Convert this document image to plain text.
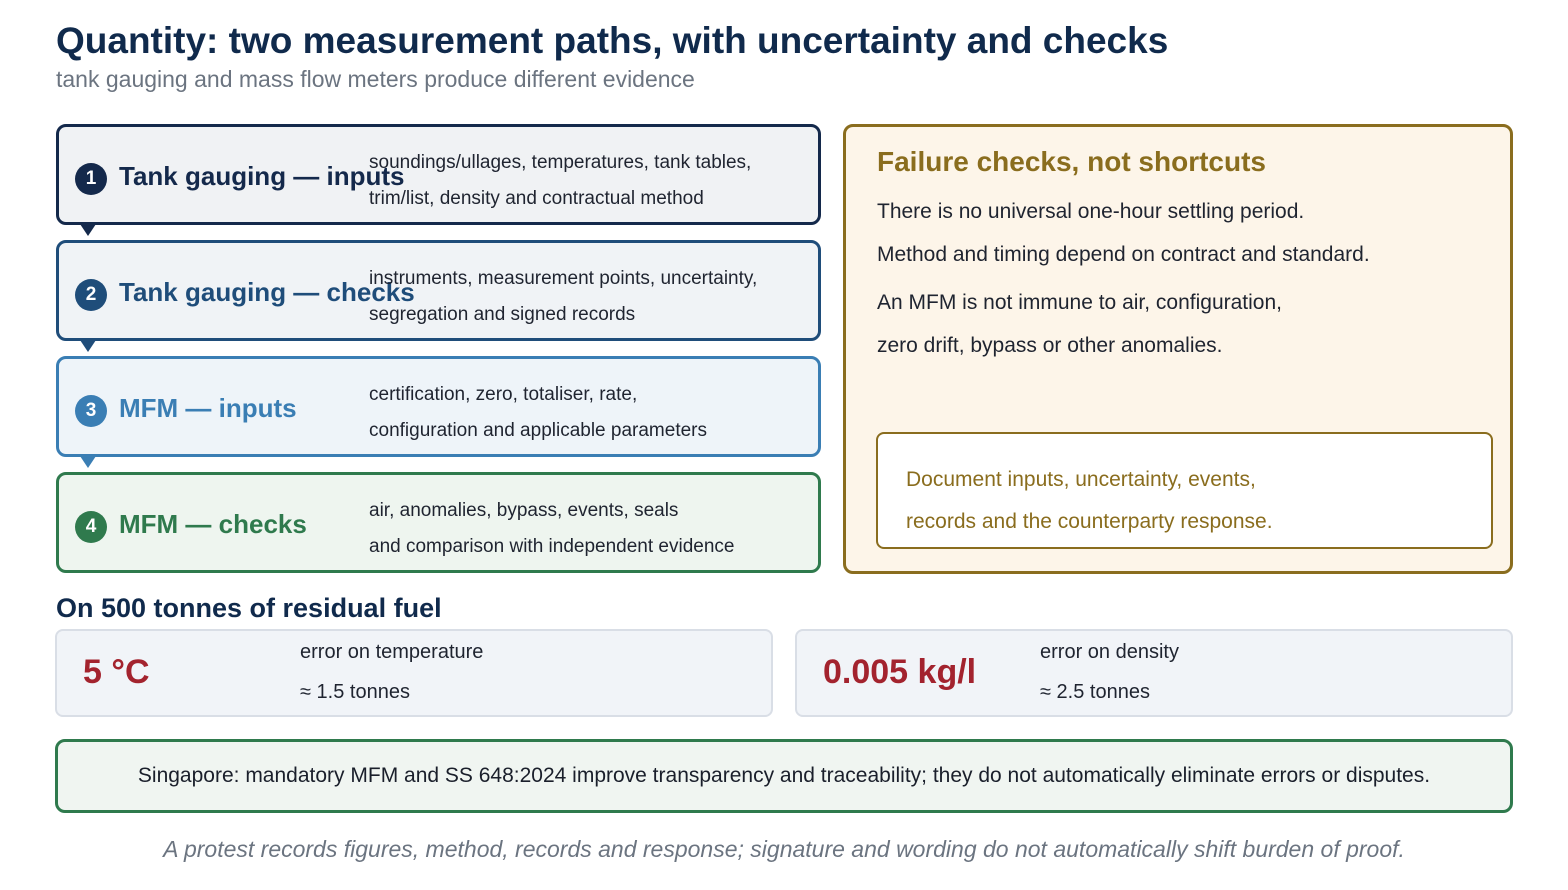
Quantity: two measurement paths, with uncertainty and checks
tank gauging and mass flow meters produce different evidence
1 Tank gauging — inputs
soundings/ullages, temperatures, tank tables,
trim/list, density and contractual method
2 Tank gauging — checks
instruments, measurement points, uncertainty,
segregation and signed records
3 MFM — inputs	certification, zero, totaliser, rate,
configuration and applicable parameters
4 MFM — checks	air, anomalies, bypass, events, seals
and comparison with independent evidence
Failure checks, not shortcuts
There is no universal one-hour settling period.
Method and timing depend on contract and standard.
An MFM is not immune to air, configuration,
zero drift, bypass or other anomalies.
Document inputs, uncertainty, events,
records and the counterparty response.
On 500 tonnes of residual fuel
5 °C
error on temperature
≈ 1.5 tonnes
0.005 kg/l
error on density
≈ 2.5 tonnes
Singapore: mandatory MFM and SS 648:2024 improve transparency and traceability; they do not automatically eliminate errors or disputes.
A protest records figures, method, records and response; signature and wording do not automatically shift burden of proof.
